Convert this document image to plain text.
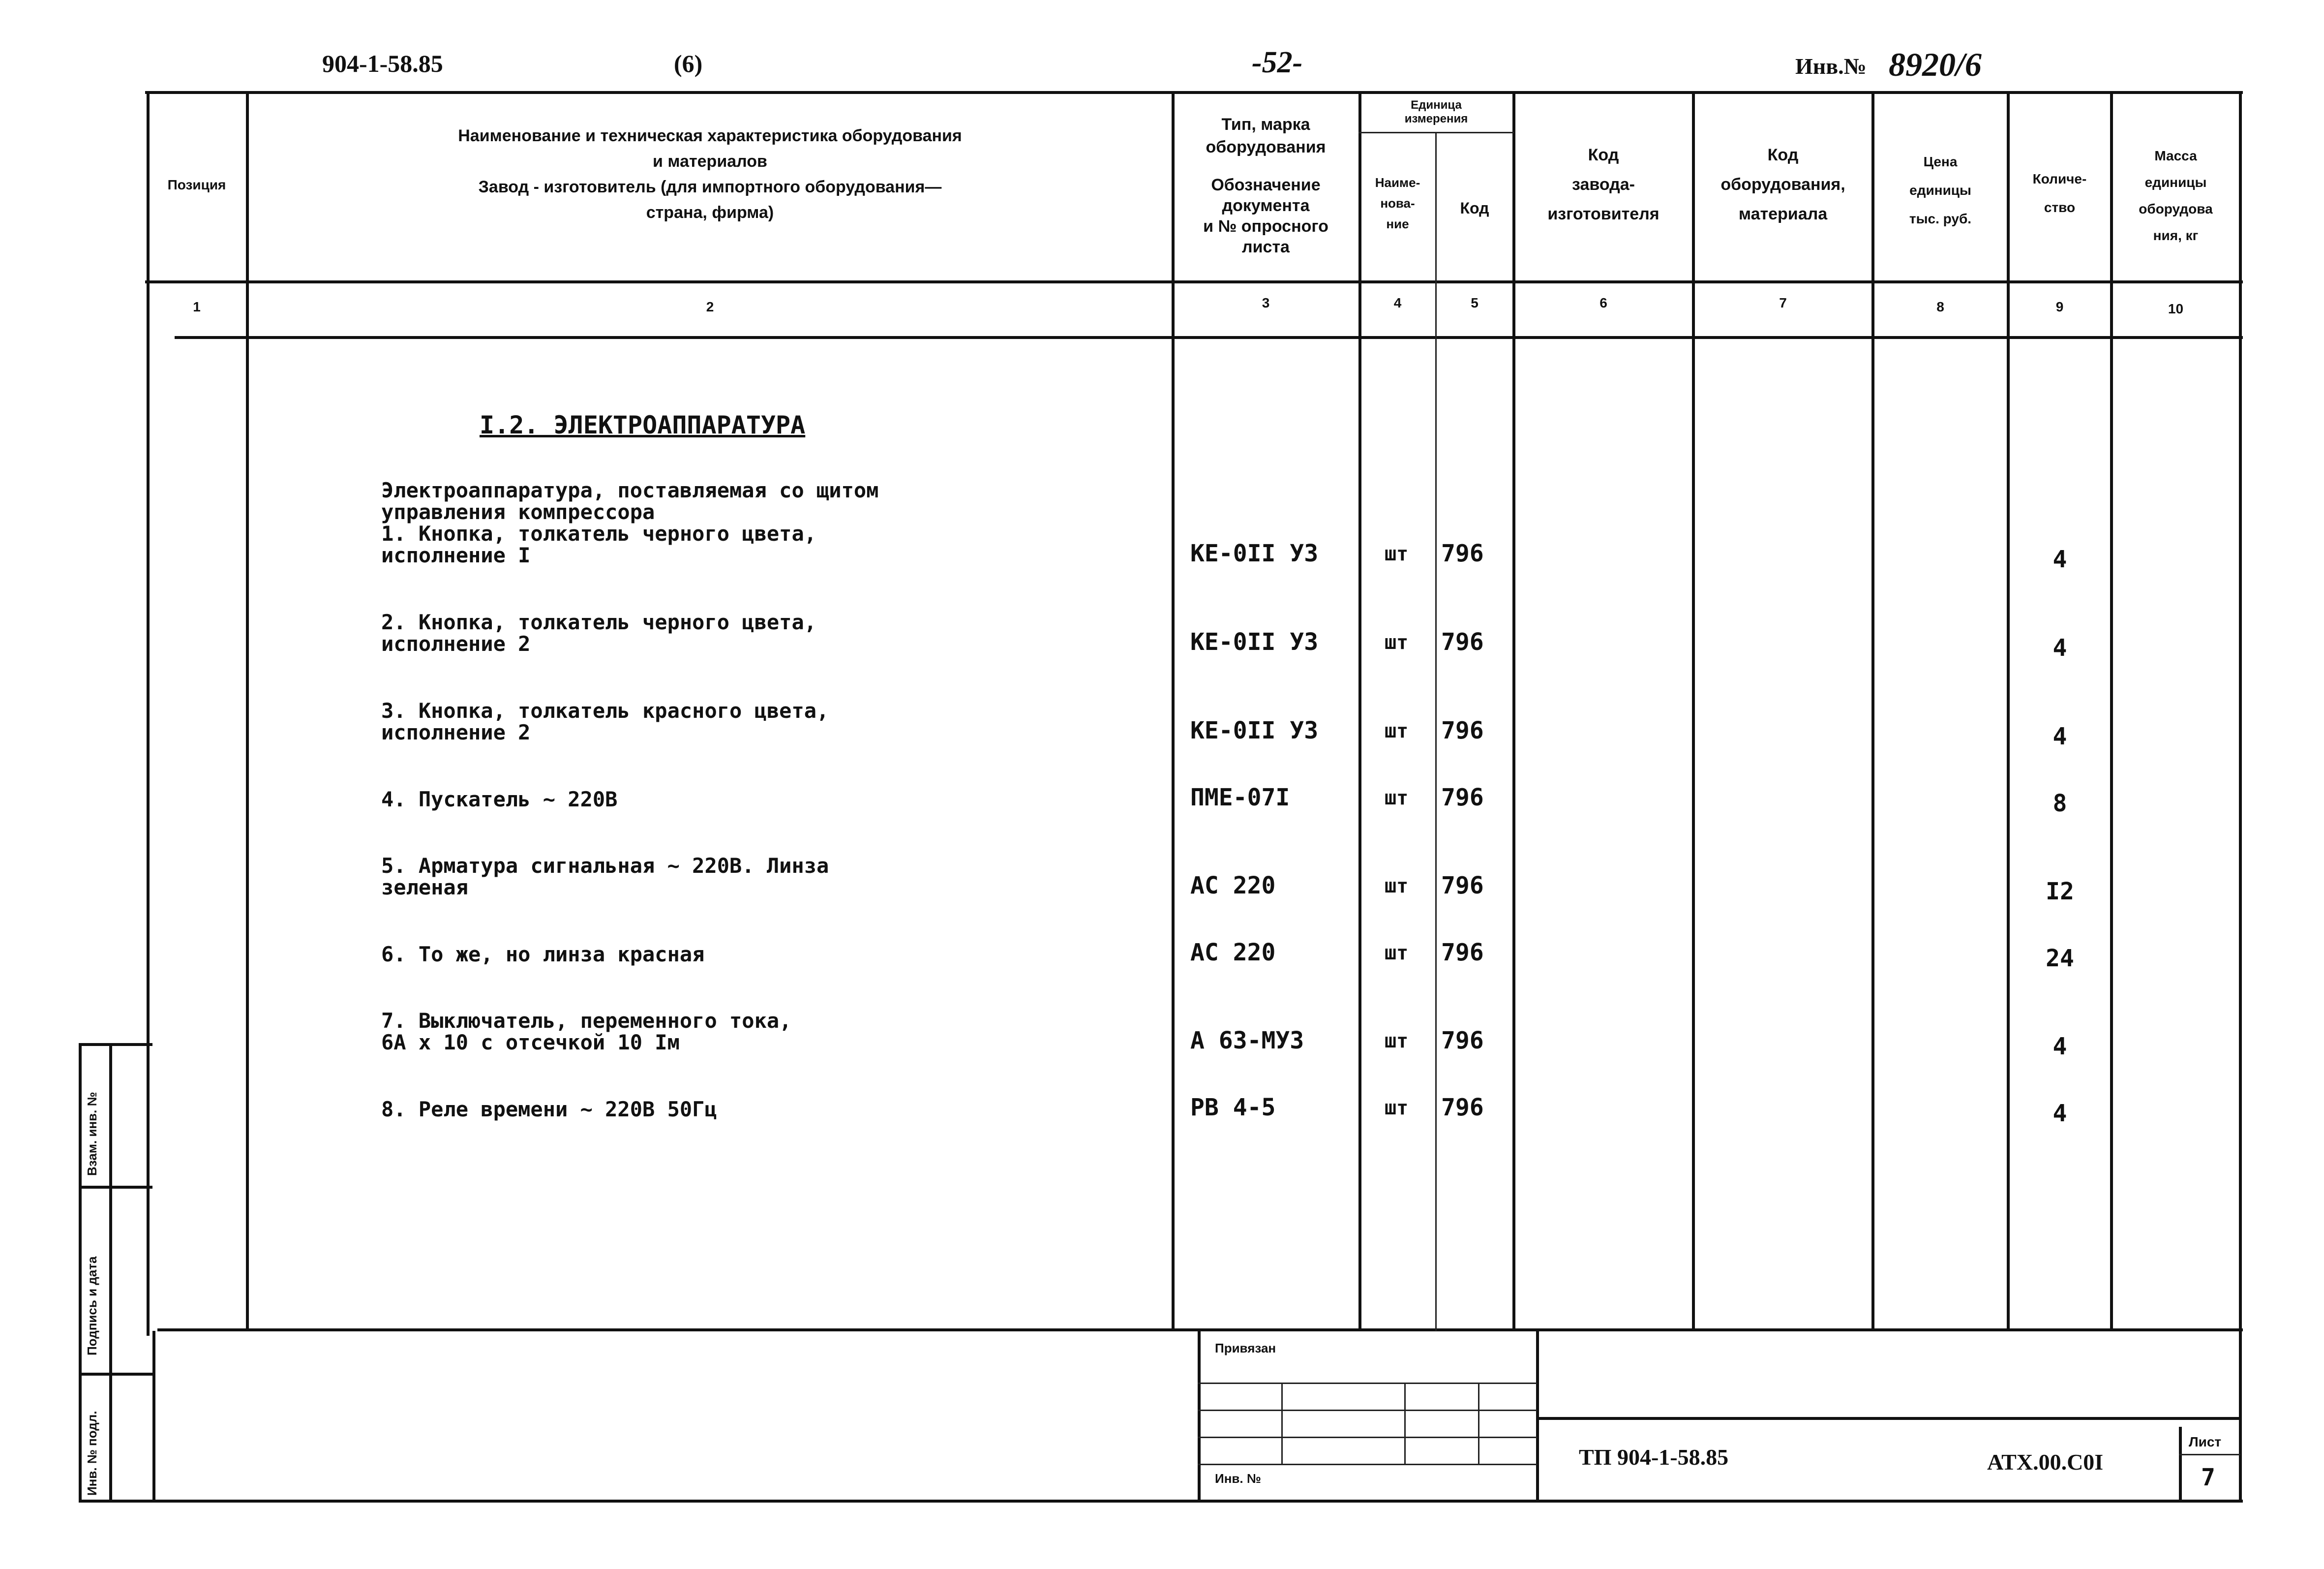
904-1-58.85	(6)	-52-	Инв.№ 8920/6
Позиция
Наименование и техническая характеристика оборудования
и материалов
Завод - изготовитель (для импортного оборудования—
страна, фирма)
Тип, марка
оборудования
Обозначение
документа
и № опросного
листа
Единица
измерения
Наиме-
нова-
ние
Код
Код
завода-
изготовителя
Код
оборудования,
материала
Цена
единицы
тыс. руб.
Количе-
ство
Масса
единицы
оборудова
ния, кг
1	2	3	4	5	6	7	8	9	10
I.2. ЭЛЕКТРОАППАРАТУРА
Электроаппаратура, поставляемая со щитом
управления компрессора
1. Кнопка, толкатель черного цвета,
исполнение I	КЕ-0II У3	шт 796	4
2. Кнопка, толкатель черного цвета,
исполнение 2	КЕ-0II У3	шт 796	4
3. Кнопка, толкатель красного цвета,
исполнение 2	КЕ-0II У3	шт 796	4
4. Пускатель ~ 220В	ПМЕ-07I	шт 796	8
5. Арматура сигнальная ~ 220В. Линза
зеленая	АС 220	шт 796	I2
6. То же, но линза красная	АС 220	шт 796	24
7. Выключатель, переменного тока,
6А х 10 с отсечкой 10 Ім	А 63-МУ3	шт 796	4
8. Реле времени ~ 220В 50Гц	РВ 4-5	шт 796	4
Привязан
Инв. №
ТП 904-1-58.85	АТХ.00.С0I
Лист
7
Взам. инв. №
Подпись и дата
Инв. № подл.
